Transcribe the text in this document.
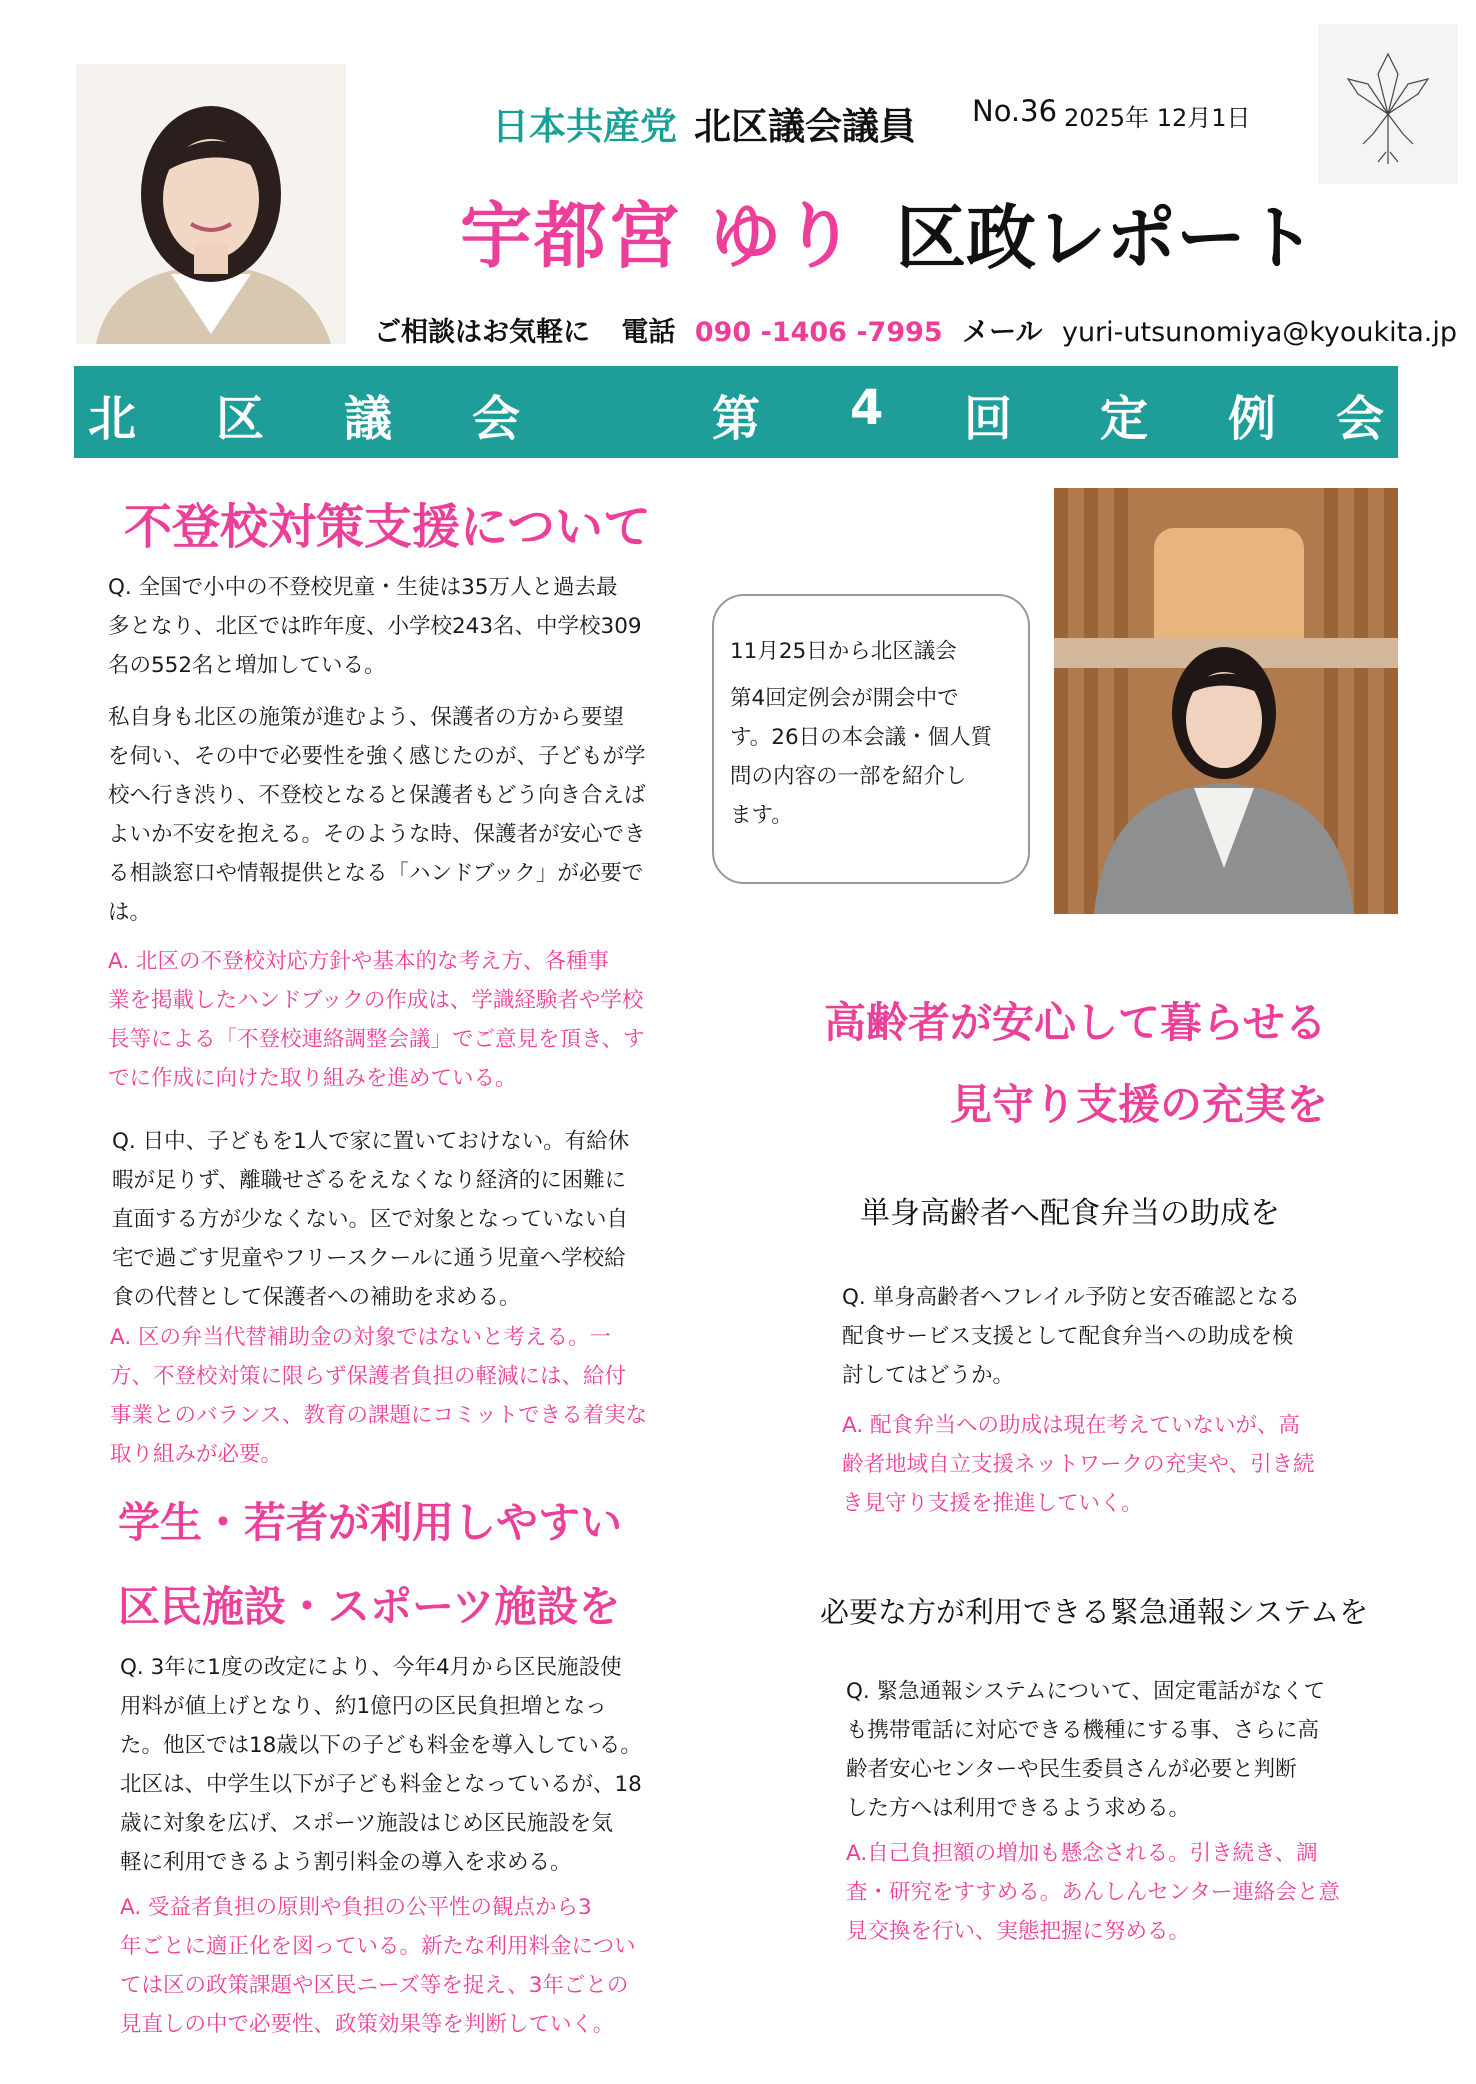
日本共産党 北区議会議員 No.36 2025年 12月1日
宇都宮 ゆり 区政レポート
ご相談はお気軽に 電話 090 -1406 -7995 メール yuri-utsunomiya@kyoukita.jp
北 区 議 会	第 4 回 定 例 会
不登校対策支援について

Q. 全国で小中の不登校児童・生徒は35万人と過去最

多となり、北区では昨年度、小学校243名、中学校309

名の552名と増加している。

私自身も北区の施策が進むよう、保護者の方から要望

を伺い、その中で必要性を強く感じたのが、子どもが学

校へ行き渋り、不登校となると保護者もどう向き合えば

よいか不安を抱える。そのような時、保護者が安心でき

る相談窓口や情報提供となる「ハンドブック」が必要で

は。

A. 北区の不登校対応方針や基本的な考え方、各種事

業を掲載したハンドブックの作成は、学識経験者や学校

長等による「不登校連絡調整会議」でご意見を頂き、す

でに作成に向けた取り組みを進めている。

Q. 日中、子どもを1人で家に置いておけない。有給休

暇が足りず、離職せざるをえなくなり経済的に困難に

直面する方が少なくない。区で対象となっていない自

宅で過ごす児童やフリースクールに通う児童へ学校給

食の代替として保護者への補助を求める。

A. 区の弁当代替補助金の対象ではないと考える。一

方、不登校対策に限らず保護者負担の軽減には、給付

事業とのバランス、教育の課題にコミットできる着実な

取り組みが必要。

11月25日から北区議会

第4回定例会が開会中で

す。26日の本会議・個人質

問の内容の一部を紹介し

ます。

高齢者が安心して暮らせる
見守り支援の充実を
単身高齢者へ配食弁当の助成を

Q. 単身高齢者へフレイル予防と安否確認となる

配食サービス支援として配食弁当への助成を検

討してはどうか。

A. 配食弁当への助成は現在考えていないが、高

齢者地域自立支援ネットワークの充実や、引き続

き見守り支援を推進していく。

必要な方が利用できる緊急通報システムを

Q. 緊急通報システムについて、固定電話がなくて

も携帯電話に対応できる機種にする事、さらに高

齢者安心センターや民生委員さんが必要と判断

した方へは利用できるよう求める。

A.自己負担額の増加も懸念される。引き続き、調

査・研究をすすめる。あんしんセンター連絡会と意

見交換を行い、実態把握に努める。

学生・若者が利用しやすい
区民施設・スポーツ施設を

Q. 3年に1度の改定により、今年4月から区民施設使

用料が値上げとなり、約1億円の区民負担増となっ

た。他区では18歳以下の子ども料金を導入している。

北区は、中学生以下が子ども料金となっているが、18

歳に対象を広げ、スポーツ施設はじめ区民施設を気

軽に利用できるよう割引料金の導入を求める。

A. 受益者負担の原則や負担の公平性の観点から3

年ごとに適正化を図っている。新たな利用料金につい

ては区の政策課題や区民ニーズ等を捉え、3年ごとの

見直しの中で必要性、政策効果等を判断していく。
